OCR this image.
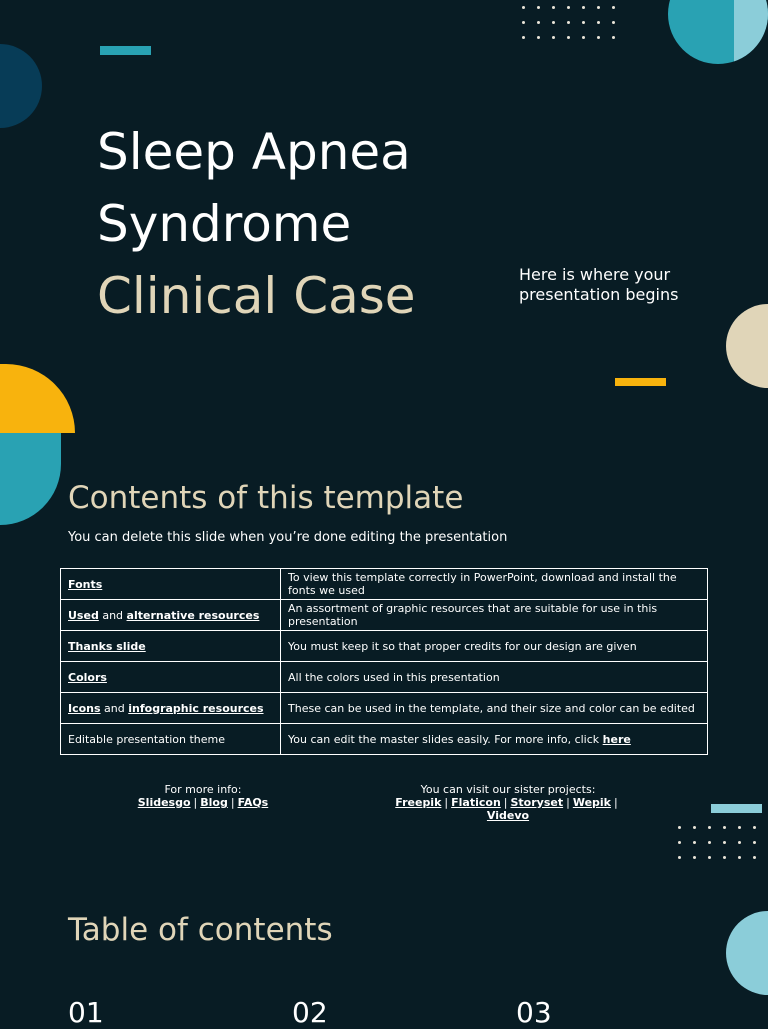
Sleep Apnea
Syndrome
Clinical Case	Here is where your presentation begins
Contents of this template
You can delete this slide when you’re done editing the presentation
Fonts	To view this template correctly in PowerPoint, download and install the fonts we used
Used and alternative resources	An assortment of graphic resources that are suitable for use in this presentation
Thanks slide	You must keep it so that proper credits for our design are given
Colors	All the colors used in this presentation
Icons and infographic resources	These can be used in the template, and their size and color can be edited
Editable presentation theme	You can edit the master slides easily. For more info, click here
For more info:
Slidesgo | Blog | FAQs
You can visit our sister projects:
Freepik | Flaticon | Storyset | Wepik |
Videvo
Table of contents
01	02	03
